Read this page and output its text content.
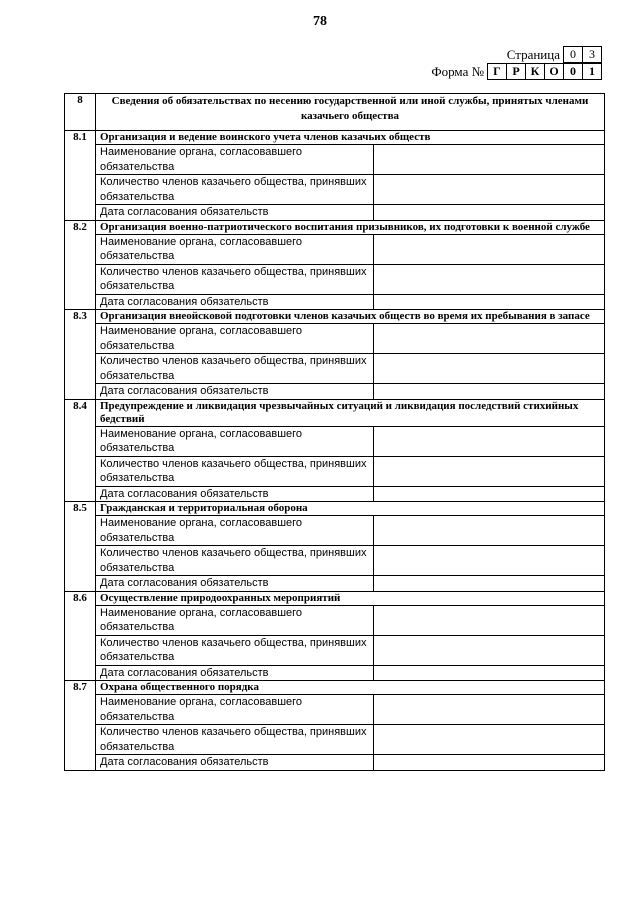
78
Страница 0	3
Форма № Г Р К О 0	1
8	Сведения об обязательствах по несению государственной или иной службы, принятых членами казачьего общества	
8.1	Организация и ведение воинского учета членов казачьих обществ	
	Наименование органа, согласовавшего обязательства	
	Количество членов казачьего общества, принявших обязательства	
	Дата согласования обязательств	
8.2	Организация военно-патриотического воспитания призывников, их подготовки к военной службе	
	Наименование органа, согласовавшего обязательства	
	Количество членов казачьего общества, принявших обязательства	
	Дата согласования обязательств	
8.3	Организация внеойсковой подготовки членов казачьих обществ во время их пребывания в запасе	
	Наименование органа, согласовавшего обязательства	
	Количество членов казачьего общества, принявших обязательства	
	Дата согласования обязательств	
8.4	Предупреждение и ликвидация чрезвычайных ситуаций и ликвидация последствий стихийных бедствий	
	Наименование органа, согласовавшего обязательства	
	Количество членов казачьего общества, принявших обязательства	
	Дата согласования обязательств	
8.5	Гражданская и территориальная оборона	
	Наименование органа, согласовавшего обязательства	
	Количество членов казачьего общества, принявших обязательства	
	Дата согласования обязательств	
8.6	Осуществление природоохранных мероприятий	
	Наименование органа, согласовавшего обязательства	
	Количество членов казачьего общества, принявших обязательства	
	Дата согласования обязательств	
8.7	Охрана общественного порядка	
	Наименование органа, согласовавшего обязательства	
	Количество членов казачьего общества, принявших обязательства	
	Дата согласования обязательств	
